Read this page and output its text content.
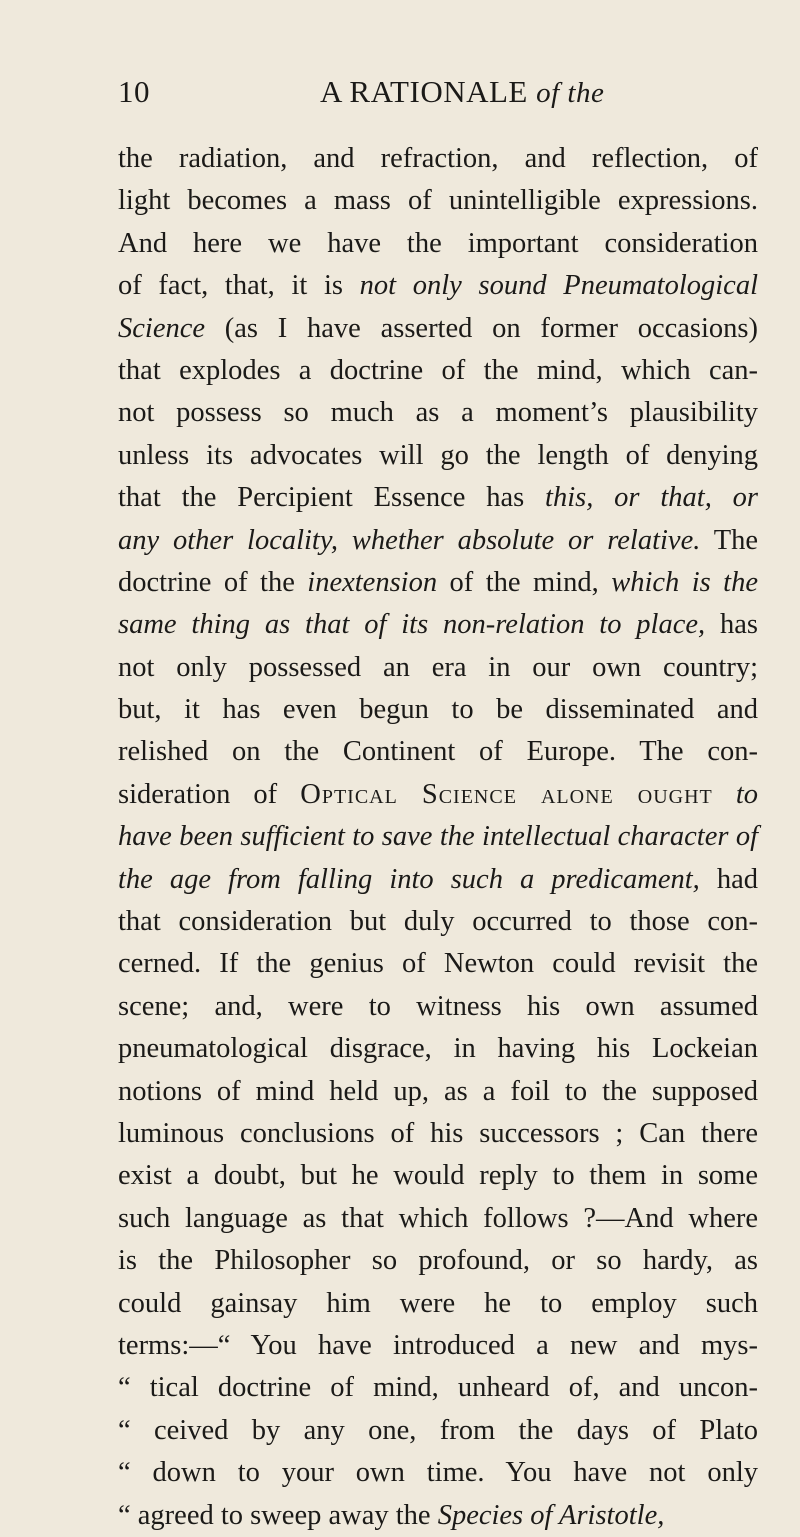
10	A RATIONALE of the
the radiation, and refraction, and reflection, of
light becomes a mass of unintelligible expressions.
And here we have the important consideration
of fact, that, it is not only sound Pneumatological
Science (as I have asserted on former occasions)
that explodes a doctrine of the mind, which can-
not possess so much as a moment’s plausibility
unless its advocates will go the length of denying
that the Percipient Essence has this, or that, or
any other locality, whether absolute or relative. The
doctrine of the inextension of the mind, which is the
same thing as that of its non-relation to place, has
not only possessed an era in our own country;
but, it has even begun to be disseminated and
relished on the Continent of Europe. The con-
sideration of Optical Science alone ought to
have been sufficient to save the intellectual character of
the age from falling into such a predicament, had
that consideration but duly occurred to those con-
cerned. If the genius of Newton could revisit the
scene; and, were to witness his own assumed
pneumatological disgrace, in having his Lockeian
notions of mind held up, as a foil to the supposed
luminous conclusions of his successors ; Can there
exist a doubt, but he would reply to them in some
such language as that which follows ?—And where
is the Philosopher so profound, or so hardy, as
could gainsay him were he to employ such
terms:—“ You have introduced a new and mys-
“ tical doctrine of mind, unheard of, and uncon-
“ ceived by any one, from the days of Plato
“ down to your own time. You have not only
“ agreed to sweep away the Species of Aristotle,
